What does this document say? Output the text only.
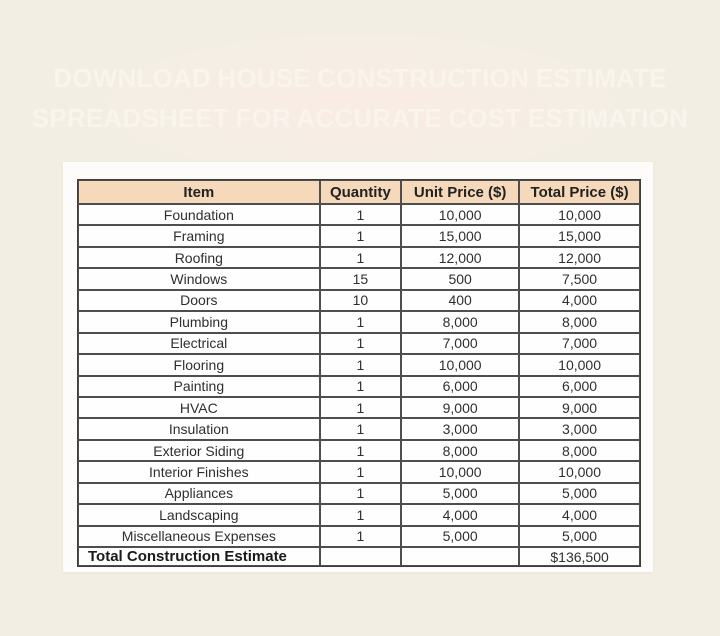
DOWNLOAD HOUSE CONSTRUCTION ESTIMATE
SPREADSHEET FOR ACCURATE COST ESTIMATION
Item	Quantity	Unit Price ($)	Total Price ($)
Foundation	1	10,000	10,000
Framing	1	15,000	15,000
Roofing	1	12,000	12,000
Windows	15	500	7,500
Doors	10	400	4,000
Plumbing	1	8,000	8,000
Electrical	1	7,000	7,000
Flooring	1	10,000	10,000
Painting	1	6,000	6,000
HVAC	1	9,000	9,000
Insulation	1	3,000	3,000
Exterior Siding	1	8,000	8,000
Interior Finishes	1	10,000	10,000
Appliances	1	5,000	5,000
Landscaping	1	4,000	4,000
Miscellaneous Expenses	1	5,000	5,000
Total Construction Estimate			$136,500
